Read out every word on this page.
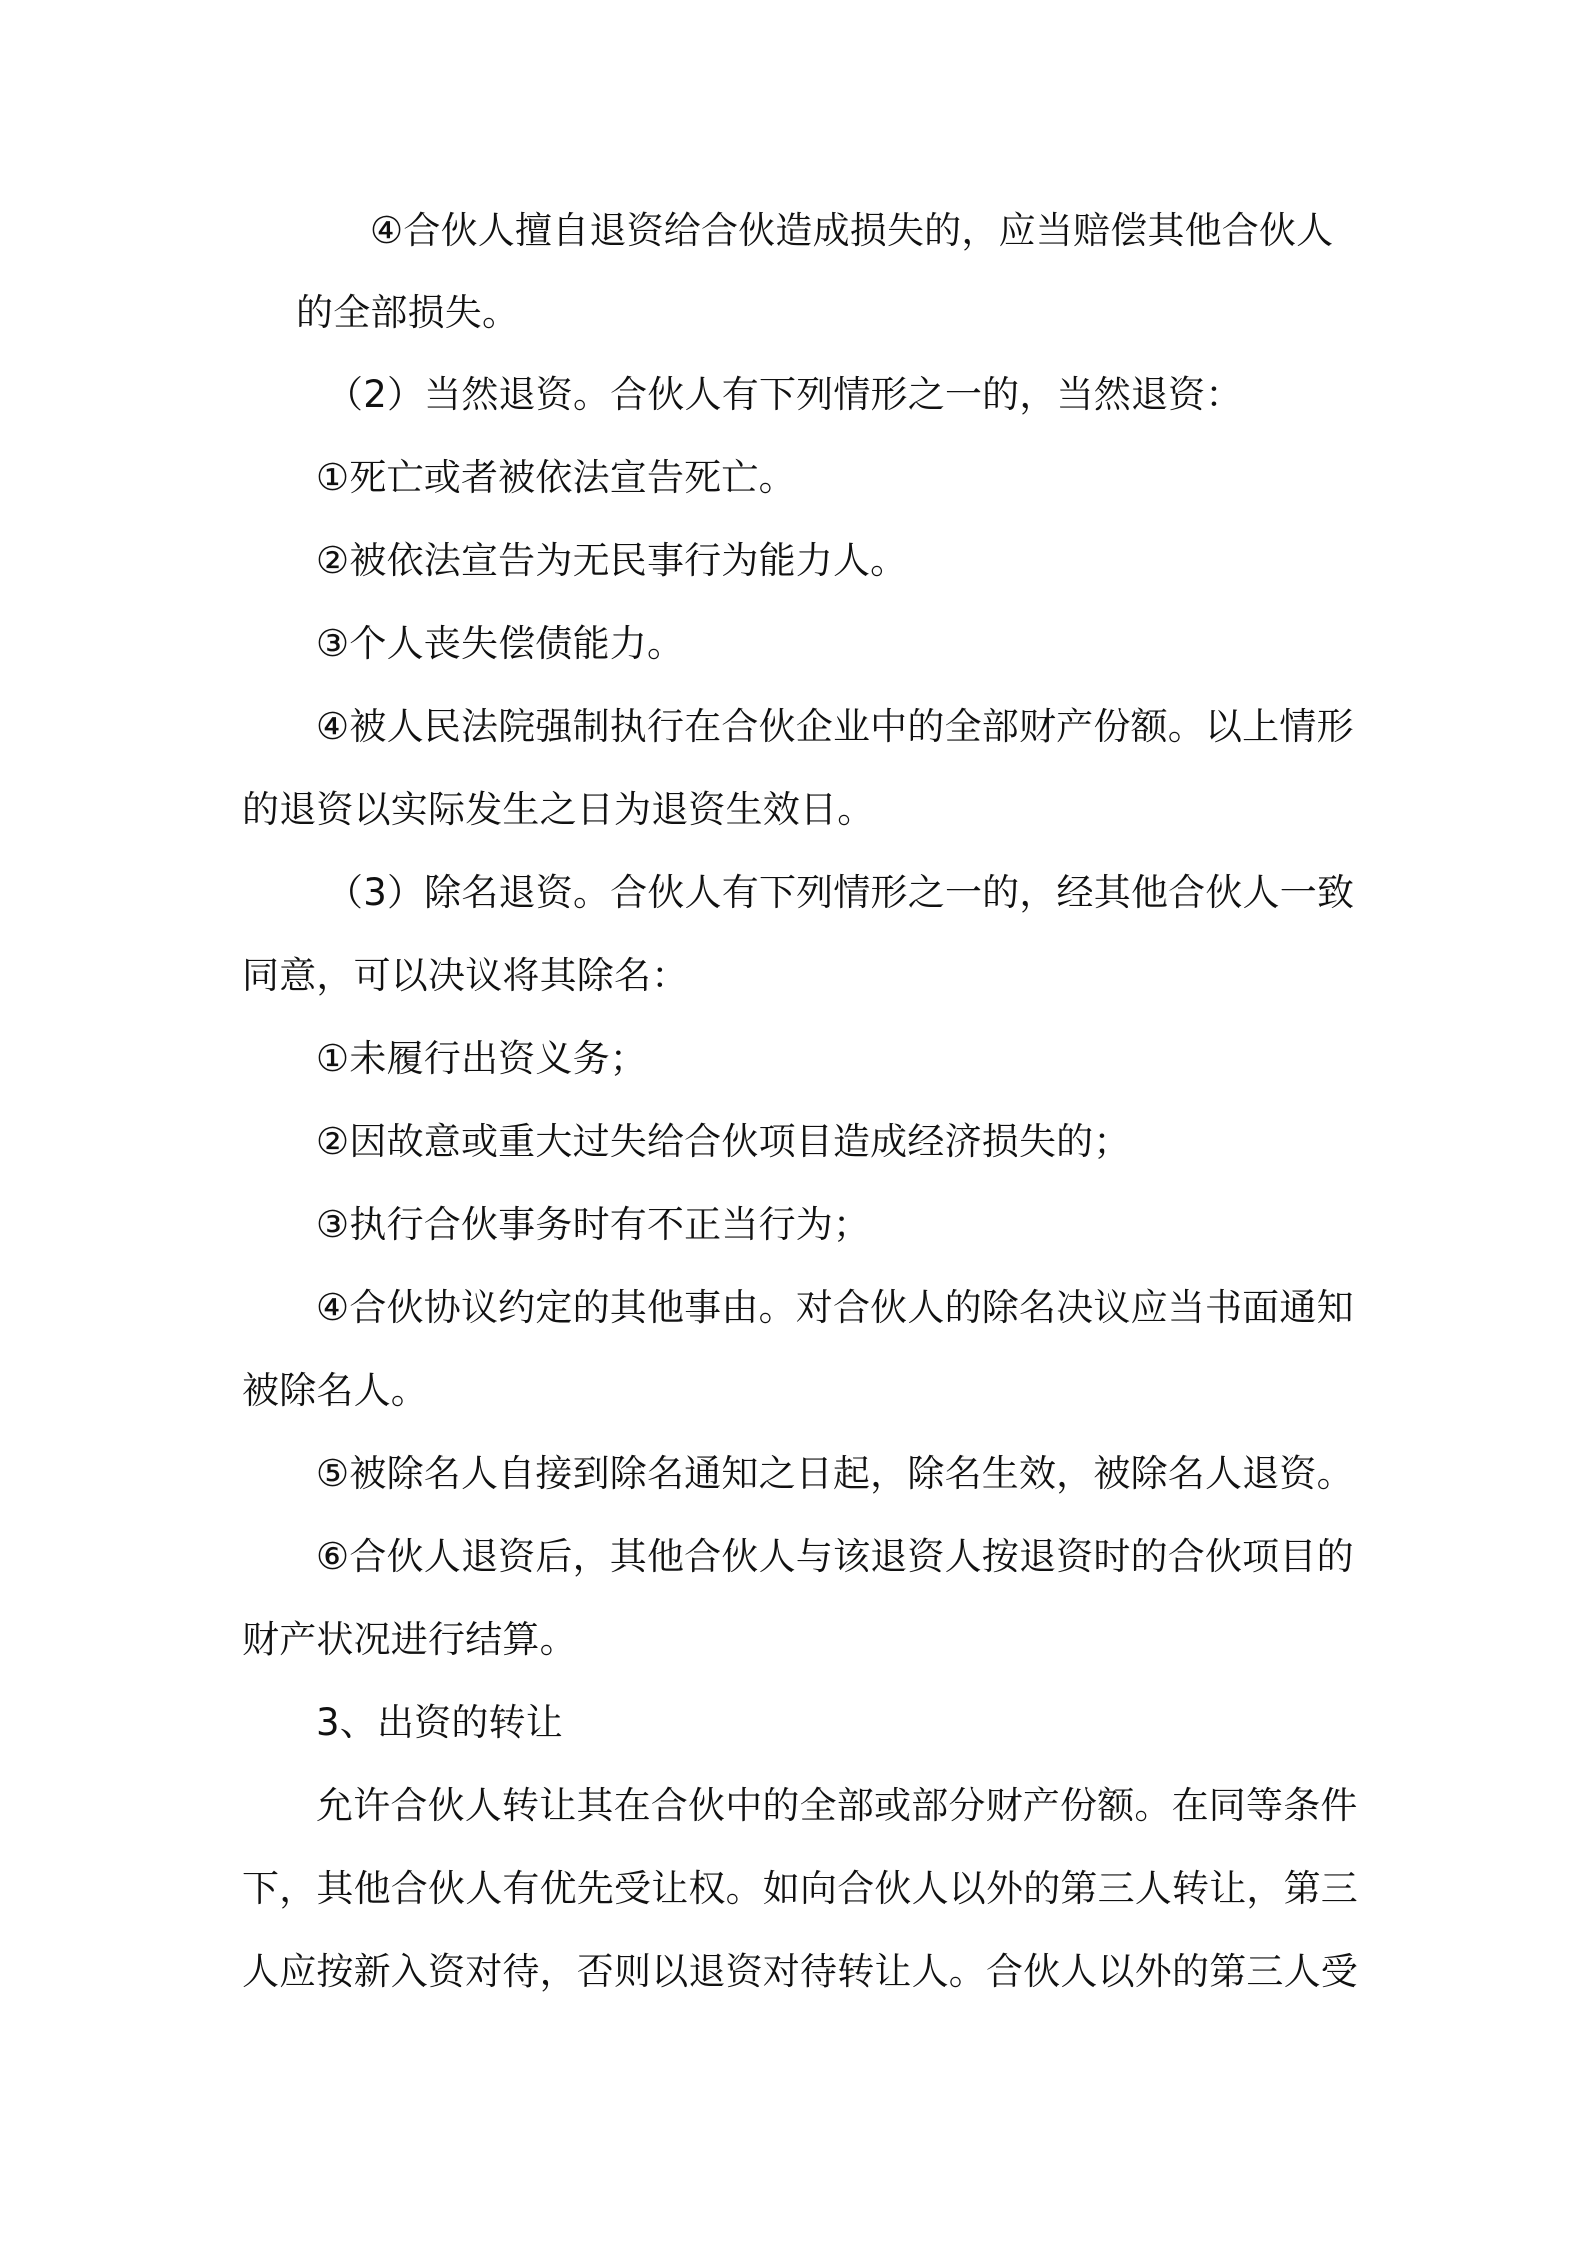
④合伙人擅自退资给合伙造成损失的，应当赔偿其他合伙人
的全部损失。
（2）当然退资。合伙人有下列情形之一的，当然退资：
①死亡或者被依法宣告死亡。
②被依法宣告为无民事行为能力人。
③个人丧失偿债能力。
④被人民法院强制执行在合伙企业中的全部财产份额。以上情形
的退资以实际发生之日为退资生效日。
（3）除名退资。合伙人有下列情形之一的，经其他合伙人一致
同意，可以决议将其除名：
①未履行出资义务；
②因故意或重大过失给合伙项目造成经济损失的；
③执行合伙事务时有不正当行为；
④合伙协议约定的其他事由。对合伙人的除名决议应当书面通知
被除名人。
⑤被除名人自接到除名通知之日起，除名生效，被除名人退资。
⑥合伙人退资后，其他合伙人与该退资人按退资时的合伙项目的
财产状况进行结算。
3、出资的转让
允许合伙人转让其在合伙中的全部或部分财产份额。在同等条件
下，其他合伙人有优先受让权。如向合伙人以外的第三人转让，第三
人应按新入资对待，否则以退资对待转让人。合伙人以外的第三人受
